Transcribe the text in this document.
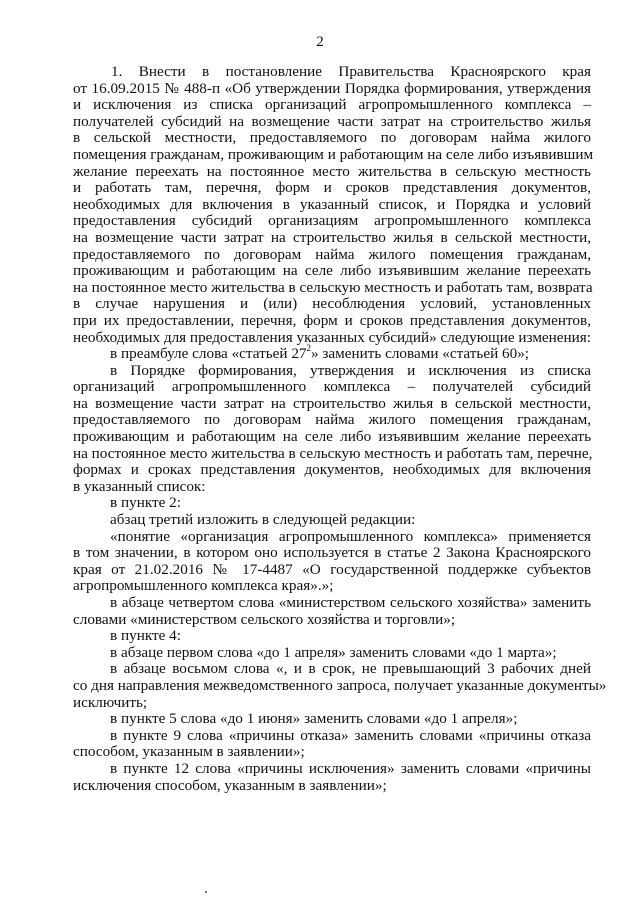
2
1. Внести в постановление Правительства Красноярского края
от 16.09.2015 № 488-п «Об утверждении Порядка формирования, утверждения
и исключения из списка организаций агропромышленного комплекса –
получателей субсидий на возмещение части затрат на строительство жилья
в сельской местности, предоставляемого по договорам найма жилого
помещения гражданам, проживающим и работающим на селе либо изъявившим
желание переехать на постоянное место жительства в сельскую местность
и работать там, перечня, форм и сроков представления документов,
необходимых для включения в указанный список, и Порядка и условий
предоставления субсидий организациям агропромышленного комплекса
на возмещение части затрат на строительство жилья в сельской местности,
предоставляемого по договорам найма жилого помещения гражданам,
проживающим и работающим на селе либо изъявившим желание переехать
на постоянное место жительства в сельскую местность и работать там, возврата
в случае нарушения и (или) несоблюдения условий, установленных
при их предоставлении, перечня, форм и сроков представления документов,
необходимых для предоставления указанных субсидий» следующие изменения:
в преамбуле слова «статьей $27^2$» заменить словами «статьей 60»;
в Порядке формирования, утверждения и исключения из списка
организаций агропромышленного комплекса – получателей субсидий
на возмещение части затрат на строительство жилья в сельской местности,
предоставляемого по договорам найма жилого помещения гражданам,
проживающим и работающим на селе либо изъявившим желание переехать
на постоянное место жительства в сельскую местность и работать там, перечне,
формах и сроках представления документов, необходимых для включения
в указанный список:
в пункте 2:
абзац третий изложить в следующей редакции:
«понятие «организация агропромышленного комплекса» применяется
в том значении, в котором оно используется в статье 2 Закона Красноярского
края от 21.02.2016 № 17-4487 «О государственной поддержке субъектов
агропромышленного комплекса края».»;
в абзаце четвертом слова «министерством сельского хозяйства» заменить
словами «министерством сельского хозяйства и торговли»;
в пункте 4:
в абзаце первом слова «до 1 апреля» заменить словами «до 1 марта»;
в абзаце восьмом слова «, и в срок, не превышающий 3 рабочих дней
со дня направления межведомственного запроса, получает указанные документы»
исключить;
в пункте 5 слова «до 1 июня» заменить словами «до 1 апреля»;
в пункте 9 слова «причины отказа» заменить словами «причины отказа
способом, указанным в заявлении»;
в пункте 12 слова «причины исключения» заменить словами «причины
исключения способом, указанным в заявлении»;
